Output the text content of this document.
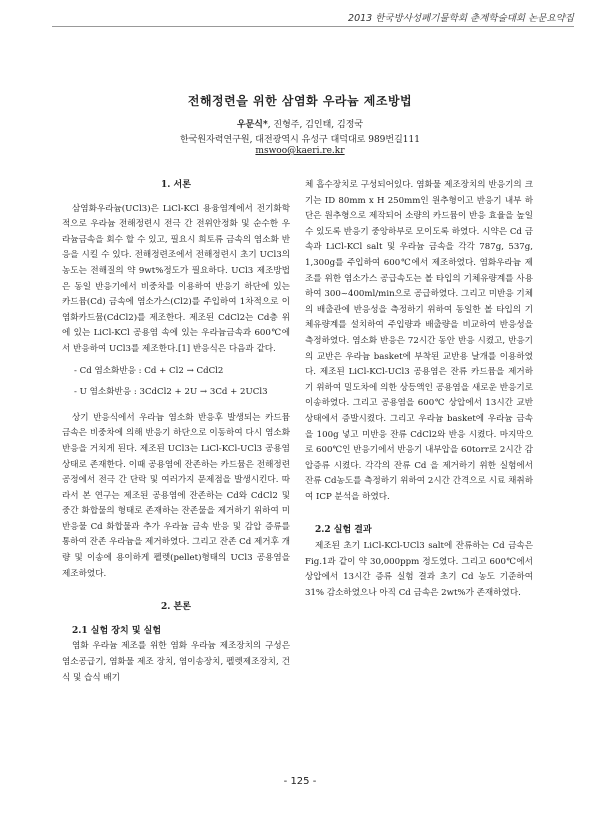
2013 한국방사성폐기물학회 춘계학술대회 논문요약집
전해정련을 위한 삼염화 우라늄 제조방법
우문식*, 진형주, 김인태, 김정국
한국원자력연구원, 대전광역시 유성구 대덕대로 989번길111
mswoo@kaeri.re.kr
1. 서론

삼염화우라늄(UCl3)은 LiCl-KCl 용융염계에서 전기화학적으로 우라늄 전해정련시 전극 간 전위안정화 및 순수한 우라늄금속을 회수 할 수 있고, 필요시 희토류 금속의 염소화 반응을 시킬 수 있다. 전해정련조에서 전해정련시 초기 UCl3의 농도는 전해질의 약 9wt%정도가 필요하다. UCl3 제조방법은 동일 반응기에서 비중차를 이용하여 반응기 하단에 있는 카드뮴(Cd) 금속에 염소가스(Cl2)를 주입하여 1차적으로 이염화카드뮴(CdCl2)를 제조한다. 제조된 CdCl2는 Cd층 위에 있는 LiCl-KCl 공용염 속에 있는 우라늄금속과 600℃에서 반응하여 UCl3를 제조한다.[1] 반응식은 다음과 같다.

- Cd 염소화반응 : Cd + Cl2 → CdCl2

- U 염소화반응 : 3CdCl2 + 2U → 3Cd + 2UCl3

상기 반응식에서 우라늄 염소화 반응후 발생되는 카드뮴 금속은 비중차에 의해 반응기 하단으로 이동하여 다시 염소화반응을 거치게 된다. 제조된 UCl3는 LiCl-KCl-UCl3 공용염 상태로 존재한다. 이때 공용염에 잔존하는 카드뮴은 전해정련 공정에서 전극 간 단락 및 여러가지 문제점을 발생시킨다. 따라서 본 연구는 제조된 공용염에 잔존하는 Cd와 CdCl2 및 중간 화합물의 형태로 존재하는 잔존물을 제거하기 위하여 미 반응물 Cd 화합물과 추가 우라늄 금속 반응 및 감압 증류를 통하여 잔존 우라늄을 제거하였다. 그리고 잔존 Cd 제거후 개량 및 이송에 용이하게 펠렛(pellet)형태의 UCl3 공용염을 제조하였다.

2. 본론

2.1 실험 장치 및 실험

염화 우라늄 제조를 위한 염화 우라늄 제조장치의 구성은 염소공급기, 염화물 제조 장치, 염이송장치, 펠렛제조장치, 건식 및 습식 배기

체 흡수장치로 구성되어있다. 염화물 제조장치의 반응기의 크기는 ID 80mm x H 250mm인 원추형이고 반응기 내부 하단은 원추형으로 제작되어 소량의 카드뮴이 반응 효율을 높일 수 있도록 반응기 중앙하부로 모이도록 하였다. 시약은 Cd 금속과 LiCl-KCl salt 및 우라늄 금속을 각각 787g, 537g, 1,300g를 주입하여 600℃에서 제조하였다. 염화우라늄 제조를 위한 염소가스 공급속도는 볼 타입의 기체유량계를 사용하여 300~400ml/min으로 공급하였다. 그리고 미반응 기체의 배출관에 반응성을 측정하기 위하여 동일한 볼 타입의 기체유량계를 설치하여 주입량과 배출량을 비교하여 반응성을 측정하였다. 염소화 반응은 72시간 동안 반응 시켰고, 반응기의 교반은 우라늄 basket에 부착된 교반용 날개를 이용하였다. 제조된 LiCl-KCl-UCl3 공용염은 잔류 카드뮴을 제거하기 위하여 밀도차에 의한 상등액인 공용염을 새로운 반응기로 이송하였다. 그리고 공용염을 600℃ 상압에서 13시간 교반상태에서 증발시켰다. 그리고 우라늄 basket에 우라늄 금속을 100g 넣고 미반응 잔류 CdCl2와 반응 시켰다. 마지막으로 600℃인 반응기에서 반응기 내부압을 60torr로 2시간 감압증류 시켰다. 각각의 잔류 Cd 을 제거하기 위한 실험에서 잔류 Cd농도를 측정하기 위하여 2시간 간격으로 시료 채취하여 ICP 분석을 하였다.

2.2 실험 결과

제조된 초기 LiCl-KCl-UCl3 salt에 잔류하는 Cd 금속은 Fig.1과 같이 약 30,000ppm 정도였다. 그리고 600℃에서 상압에서 13시간 증류 실험 결과 초기 Cd 농도 기준하여 31% 감소하였으나 아직 Cd 금속은 2wt%가 존재하였다.

- 125 -
